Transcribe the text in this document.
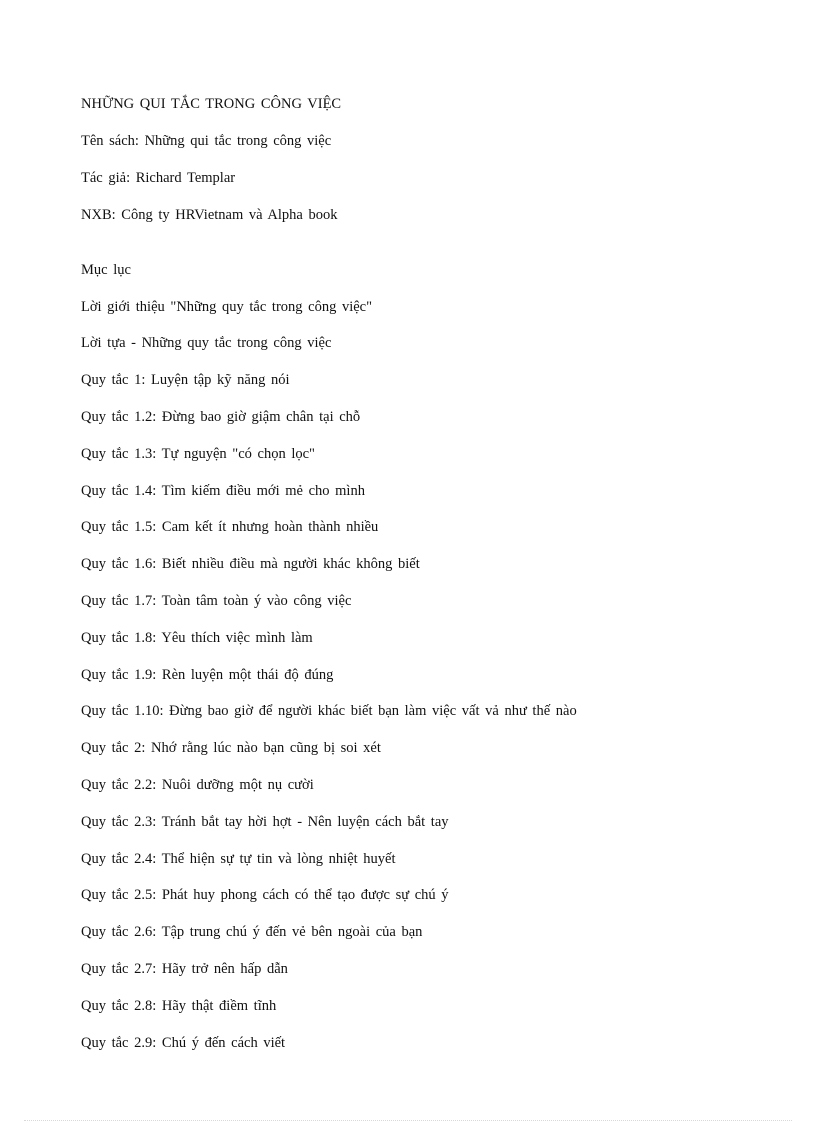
NHỮNG QUI TẮC TRONG CÔNG VIỆC
Tên sách: Những qui tắc trong công việc
Tác giả: Richard Templar
NXB: Công ty HRVietnam và Alpha book
Mục lục
Lời giới thiệu "Những quy tắc trong công việc"
Lời tựa - Những quy tắc trong công việc
Quy tắc 1: Luyện tập kỹ năng nói
Quy tắc 1.2: Đừng bao giờ giậm chân tại chỗ
Quy tắc 1.3: Tự nguyện "có chọn lọc"
Quy tắc 1.4: Tìm kiếm điều mới mẻ cho mình
Quy tắc 1.5: Cam kết ít nhưng hoàn thành nhiều
Quy tắc 1.6: Biết nhiều điều mà người khác không biết
Quy tắc 1.7: Toàn tâm toàn ý vào công việc
Quy tắc 1.8: Yêu thích việc mình làm
Quy tắc 1.9: Rèn luyện một thái độ đúng
Quy tắc 1.10: Đừng bao giờ để người khác biết bạn làm việc vất vả như thế nào
Quy tắc 2: Nhớ rằng lúc nào bạn cũng bị soi xét
Quy tắc 2.2: Nuôi dưỡng một nụ cười
Quy tắc 2.3: Tránh bắt tay hời hợt - Nên luyện cách bắt tay
Quy tắc 2.4: Thể hiện sự tự tin và lòng nhiệt huyết
Quy tắc 2.5: Phát huy phong cách có thể tạo được sự chú ý
Quy tắc 2.6: Tập trung chú ý đến vẻ bên ngoài của bạn
Quy tắc 2.7: Hãy trở nên hấp dẫn
Quy tắc 2.8: Hãy thật điềm tĩnh
Quy tắc 2.9: Chú ý đến cách viết
